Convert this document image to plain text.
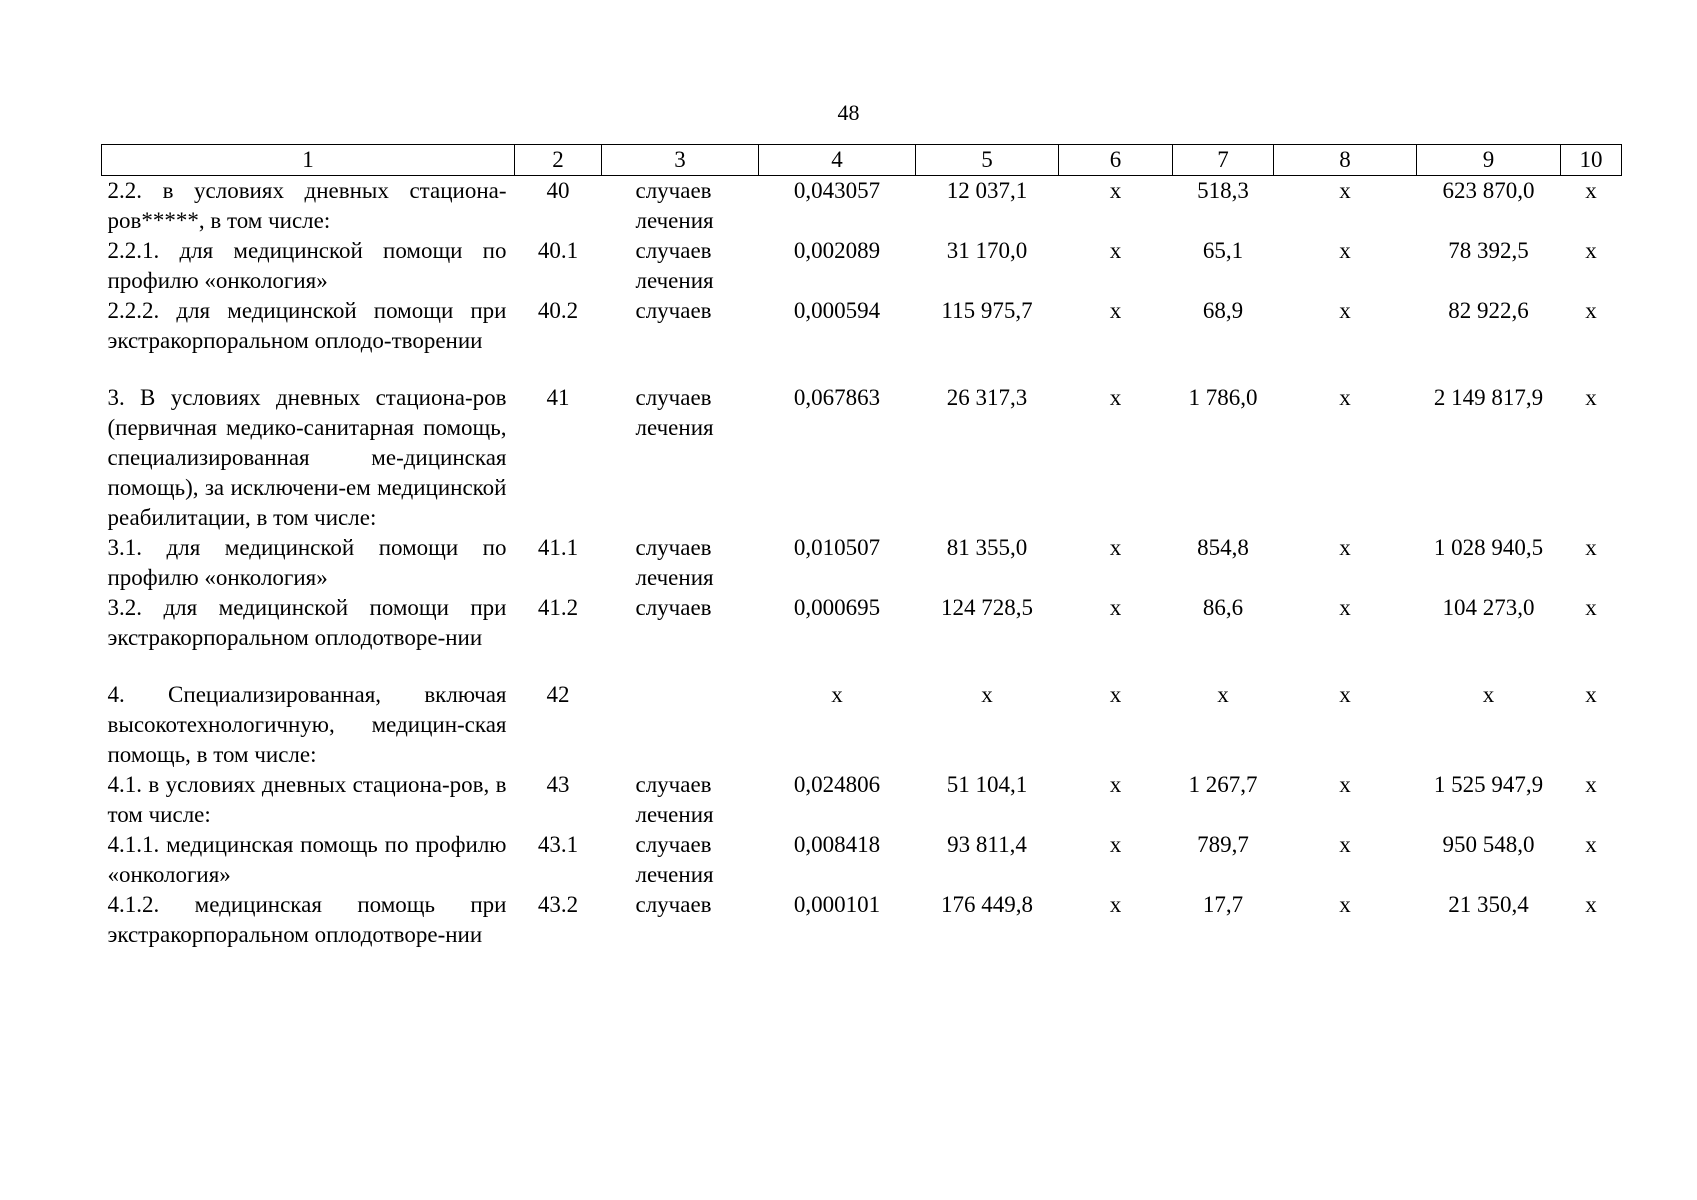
48
1	2	3	4	5	6	7	8	9	10
2.2. в условиях дневных стациона-ров*****, в том числе:	40	случаев лечения	0,043057	12 037,1	х	518,3	х	623 870,0	х
2.2.1. для медицинской помощи по профилю «онкология»	40.1	случаев лечения	0,002089	31 170,0	х	65,1	х	78 392,5	х
2.2.2. для медицинской помощи при экстракорпоральном оплодо-творении	40.2	случаев	0,000594	115 975,7	х	68,9	х	82 922,6	х

3. В условиях дневных стациона-ров (первичная медико-санитарная помощь, специализированная ме-дицинская помощь), за исключени-ем медицинской реабилитации, в том числе:	41	случаев лечения	0,067863	26 317,3	х	1 786,0	х	2 149 817,9	х
3.1. для медицинской помощи по профилю «онкология»	41.1	случаев лечения	0,010507	81 355,0	х	854,8	х	1 028 940,5	х
3.2. для медицинской помощи при экстракорпоральном оплодотворе-нии	41.2	случаев	0,000695	124 728,5	х	86,6	х	104 273,0	х

4. Специализированная, включая высокотехнологичную, медицин-ская помощь, в том числе:	42		х	х	х	х	х	х	х
4.1. в условиях дневных стациона-ров, в том числе:	43	случаев лечения	0,024806	51 104,1	х	1 267,7	х	1 525 947,9	х
4.1.1. медицинская помощь по профилю «онкология»	43.1	случаев лечения	0,008418	93 811,4	х	789,7	х	950 548,0	х
4.1.2. медицинская помощь при экстракорпоральном оплодотворе-нии	43.2	случаев	0,000101	176 449,8	х	17,7	х	21 350,4	х
